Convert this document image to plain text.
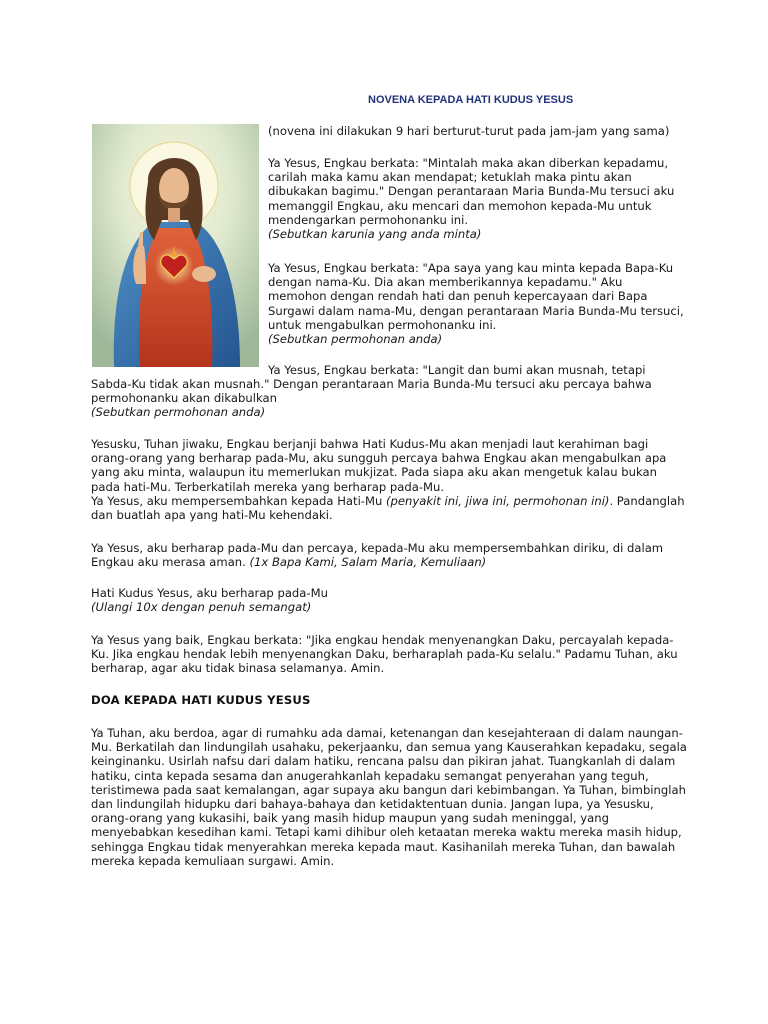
NOVENA KEPADA HATI KUDUS YESUS

(novena ini dilakukan 9 hari berturut-turut pada jam-jam yang sama)

Ya Yesus, Engkau berkata: "Mintalah maka akan diberkan kepadamu,
carilah maka kamu akan mendapat; ketuklah maka pintu akan
dibukakan bagimu." Dengan perantaraan Maria Bunda-Mu tersuci aku
memanggil Engkau, aku mencari dan memohon kepada-Mu untuk
mendengarkan permohonanku ini.
(Sebutkan karunia yang anda minta)

Ya Yesus, Engkau berkata: "Apa saya yang kau minta kepada Bapa-Ku
dengan nama-Ku. Dia akan memberikannya kepadamu." Aku
memohon dengan rendah hati dan penuh kepercayaan dari Bapa
Surgawi dalam nama-Mu, dengan perantaraan Maria Bunda-Mu tersuci,
untuk mengabulkan permohonanku ini.
(Sebutkan permohonan anda)

Ya Yesus, Engkau berkata: "Langit dan bumi akan musnah, tetapi

Sabda-Ku tidak akan musnah." Dengan perantaraan Maria Bunda-Mu tersuci aku percaya bahwa
permohonanku akan dikabulkan
(Sebutkan permohonan anda)

Yesusku, Tuhan jiwaku, Engkau berjanji bahwa Hati Kudus-Mu akan menjadi laut kerahiman bagi
orang-orang yang berharap pada-Mu, aku sungguh percaya bahwa Engkau akan mengabulkan apa
yang aku minta, walaupun itu memerlukan mukjizat. Pada siapa aku akan mengetuk kalau bukan
pada hati-Mu. Terberkatilah mereka yang berharap pada-Mu.
Ya Yesus, aku mempersembahkan kepada Hati-Mu (penyakit ini, jiwa ini, permohonan ini). Pandanglah
dan buatlah apa yang hati-Mu kehendaki.

Ya Yesus, aku berharap pada-Mu dan percaya, kepada-Mu aku mempersembahkan diriku, di dalam
Engkau aku merasa aman. (1x Bapa Kami, Salam Maria, Kemuliaan)

Hati Kudus Yesus, aku berharap pada-Mu
(Ulangi 10x dengan penuh semangat)

Ya Yesus yang baik, Engkau berkata: "Jika engkau hendak menyenangkan Daku, percayalah kepada-
Ku. Jika engkau hendak lebih menyenangkan Daku, berharaplah pada-Ku selalu." Padamu Tuhan, aku
berharap, agar aku tidak binasa selamanya. Amin.

DOA KEPADA HATI KUDUS YESUS

Ya Tuhan, aku berdoa, agar di rumahku ada damai, ketenangan dan kesejahteraan di dalam naungan-
Mu. Berkatilah dan lindungilah usahaku, pekerjaanku, dan semua yang Kauserahkan kepadaku, segala
keinginanku. Usirlah nafsu dari dalam hatiku, rencana palsu dan pikiran jahat. Tuangkanlah di dalam
hatiku, cinta kepada sesama dan anugerahkanlah kepadaku semangat penyerahan yang teguh,
teristimewa pada saat kemalangan, agar supaya aku bangun dari kebimbangan. Ya Tuhan, bimbinglah
dan lindungilah hidupku dari bahaya-bahaya dan ketidaktentuan dunia. Jangan lupa, ya Yesusku,
orang-orang yang kukasihi, baik yang masih hidup maupun yang sudah meninggal, yang
menyebabkan kesedihan kami. Tetapi kami dihibur oleh ketaatan mereka waktu mereka masih hidup,
sehingga Engkau tidak menyerahkan mereka kepada maut. Kasihanilah mereka Tuhan, dan bawalah
mereka kepada kemuliaan surgawi. Amin.
